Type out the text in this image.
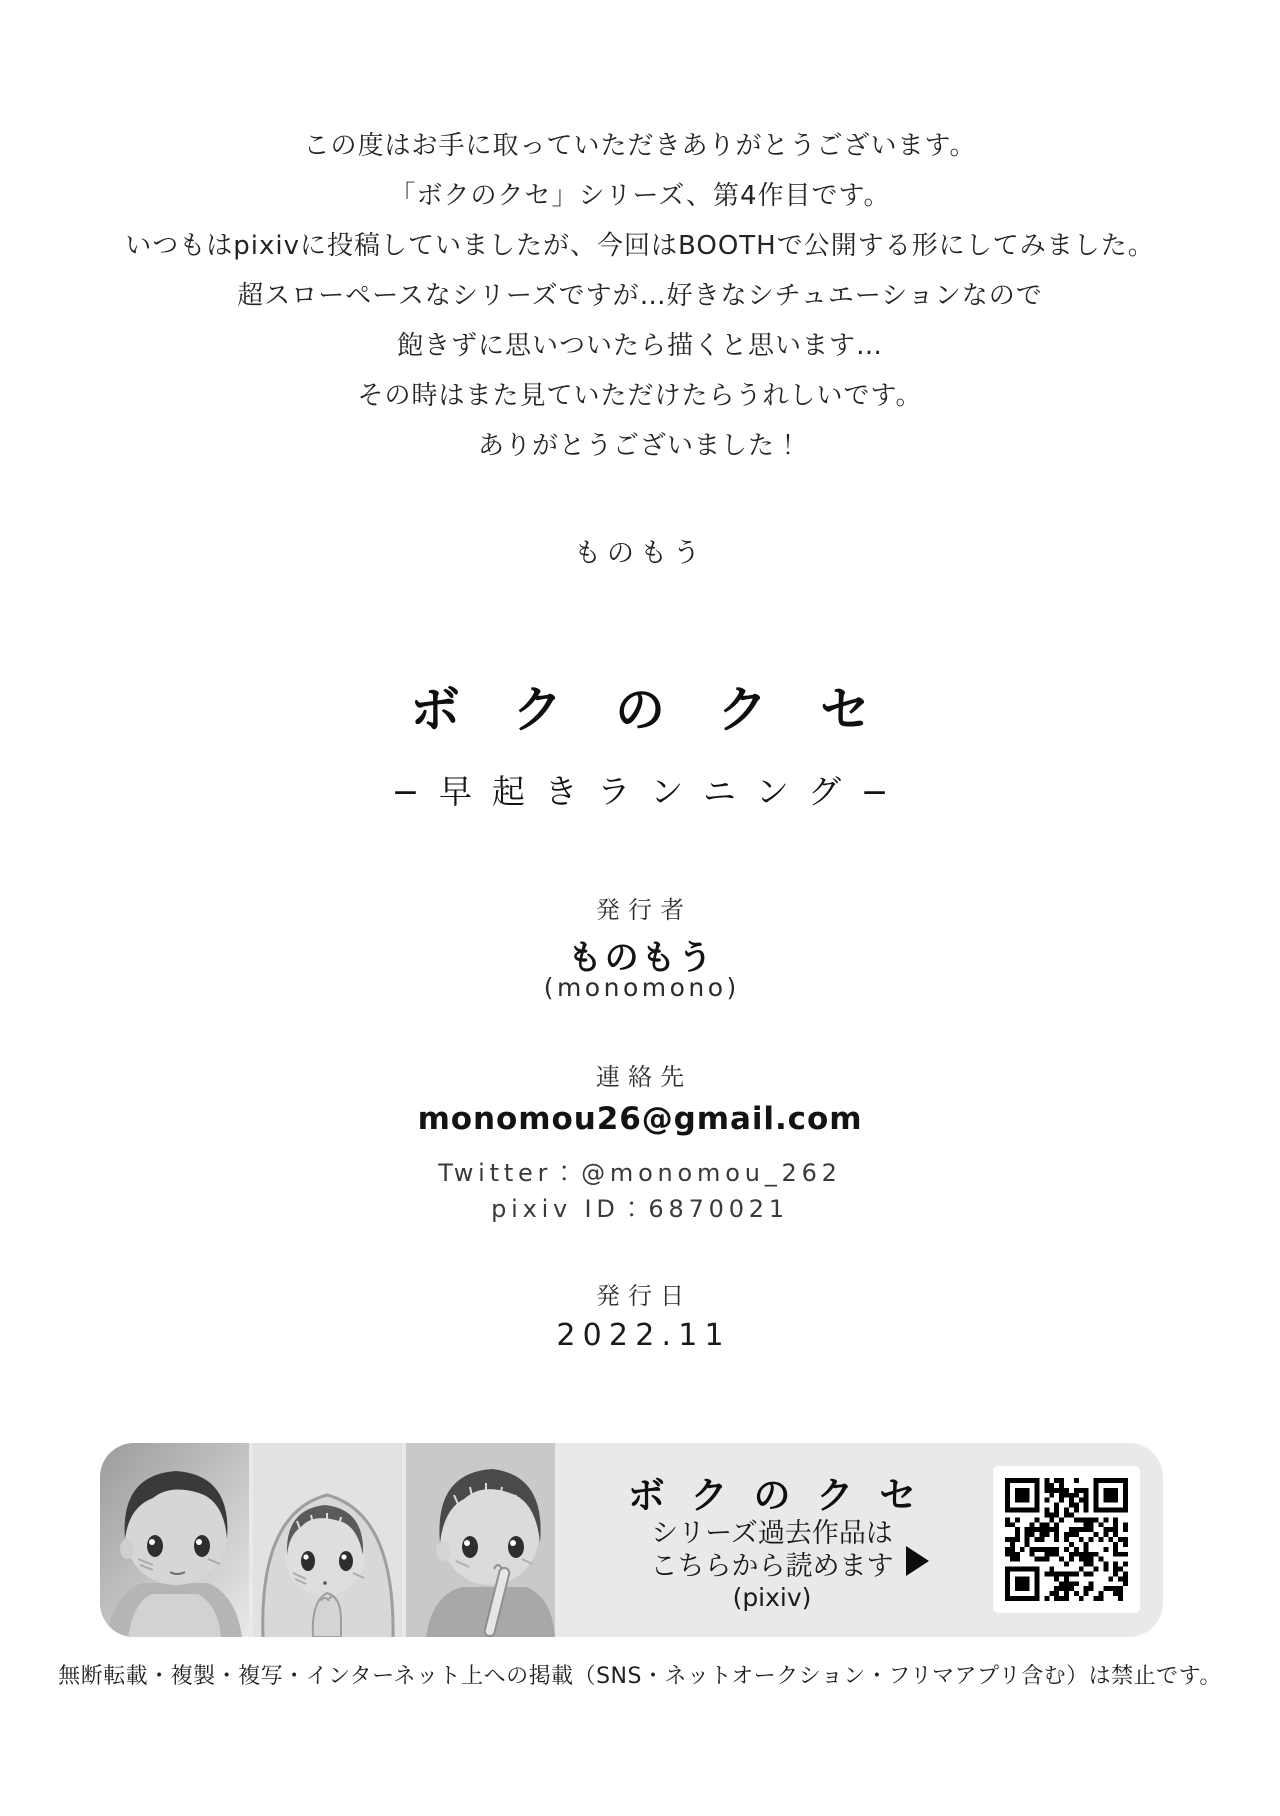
この度はお手に取っていただきありがとうございます。

「ボクのクセ」シリーズ、第4作目です。

いつもはpixivに投稿していましたが、今回はBOOTHで公開する形にしてみました。

超スローペースなシリーズですが…好きなシチュエーションなので

飽きずに思いついたら描くと思います…

その時はまた見ていただけたらうれしいです。

ありがとうございました！

ものもう
ボクのクセ
−早起きランニング−
発行者
ものもう
(monomono)
連絡先
monomou26@gmail.com
Twitter：@monomou_262
pixiv ID：6870021
発行日
2022.11
ボクのクセ
シリーズ過去作品は
こちらから読めます
(pixiv)
無断転載・複製・複写・インターネット上への掲載（SNS・ネットオークション・フリマアプリ含む）は禁止です。
